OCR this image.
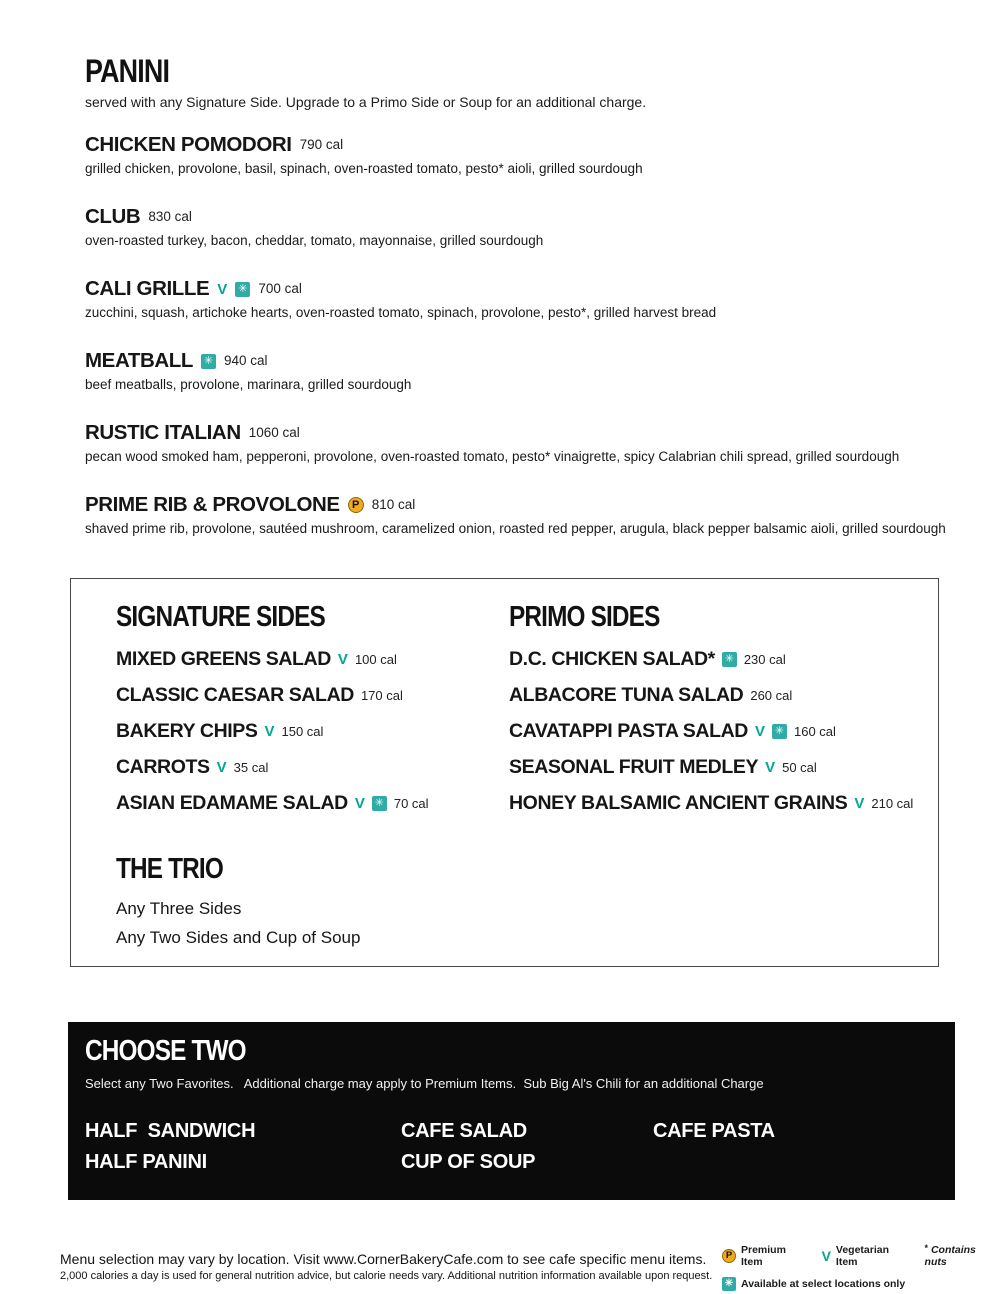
PANINI

served with any Signature Side. Upgrade to a Primo Side or Soup for an additional charge.

CHICKEN POMODORI 790 cal
grilled chicken, provolone, basil, spinach, oven-roasted tomato, pesto* aioli, grilled sourdough
CLUB 830 cal
oven-roasted turkey, bacon, cheddar, tomato, mayonnaise, grilled sourdough
CALI GRILLE V ✳ 700 cal
zucchini, squash, artichoke hearts, oven-roasted tomato, spinach, provolone, pesto*, grilled harvest bread
MEATBALL ✳ 940 cal
beef meatballs, provolone, marinara, grilled sourdough
RUSTIC ITALIAN 1060 cal
pecan wood smoked ham, pepperoni, provolone, oven-roasted tomato, pesto* vinaigrette, spicy Calabrian chili spread, grilled sourdough
PRIME RIB & PROVOLONE	P 810 cal
shaved prime rib, provolone, sautéed mushroom, caramelized onion, roasted red pepper, arugula, black pepper balsamic aioli, grilled sourdough
SIGNATURE SIDES
MIXED GREENS SALAD V 100 cal
CLASSIC CAESAR SALAD 170 cal
BAKERY CHIPS V 150 cal
CARROTS V 35 cal
ASIAN EDAMAME SALAD V ✳ 70 cal
PRIMO SIDES
D.C. CHICKEN SALAD* ✳ 230 cal
ALBACORE TUNA SALAD 260 cal
CAVATAPPI PASTA SALAD V ✳ 160 cal
SEASONAL FRUIT MEDLEY V 50 cal
HONEY BALSAMIC ANCIENT GRAINS V 210 cal
THE TRIO
Any Three Sides
Any Two Sides and Cup of Soup
CHOOSE TWO

Select any Two Favorites.   Additional charge may apply to Premium Items.  Sub Big Al's Chili for an additional Charge

HALF  SANDWICH
HALF PANINI
CAFE SALAD
CUP OF SOUP
CAFE PASTA

Menu selection may vary by location. Visit www.CornerBakeryCafe.com to see cafe specific menu items.

2,000 calories a day is used for general nutrition advice, but calorie needs vary. Additional nutrition information available upon request.

P Premium Item	V Vegetarian Item
* Contains nuts
✳ Available at select locations only
